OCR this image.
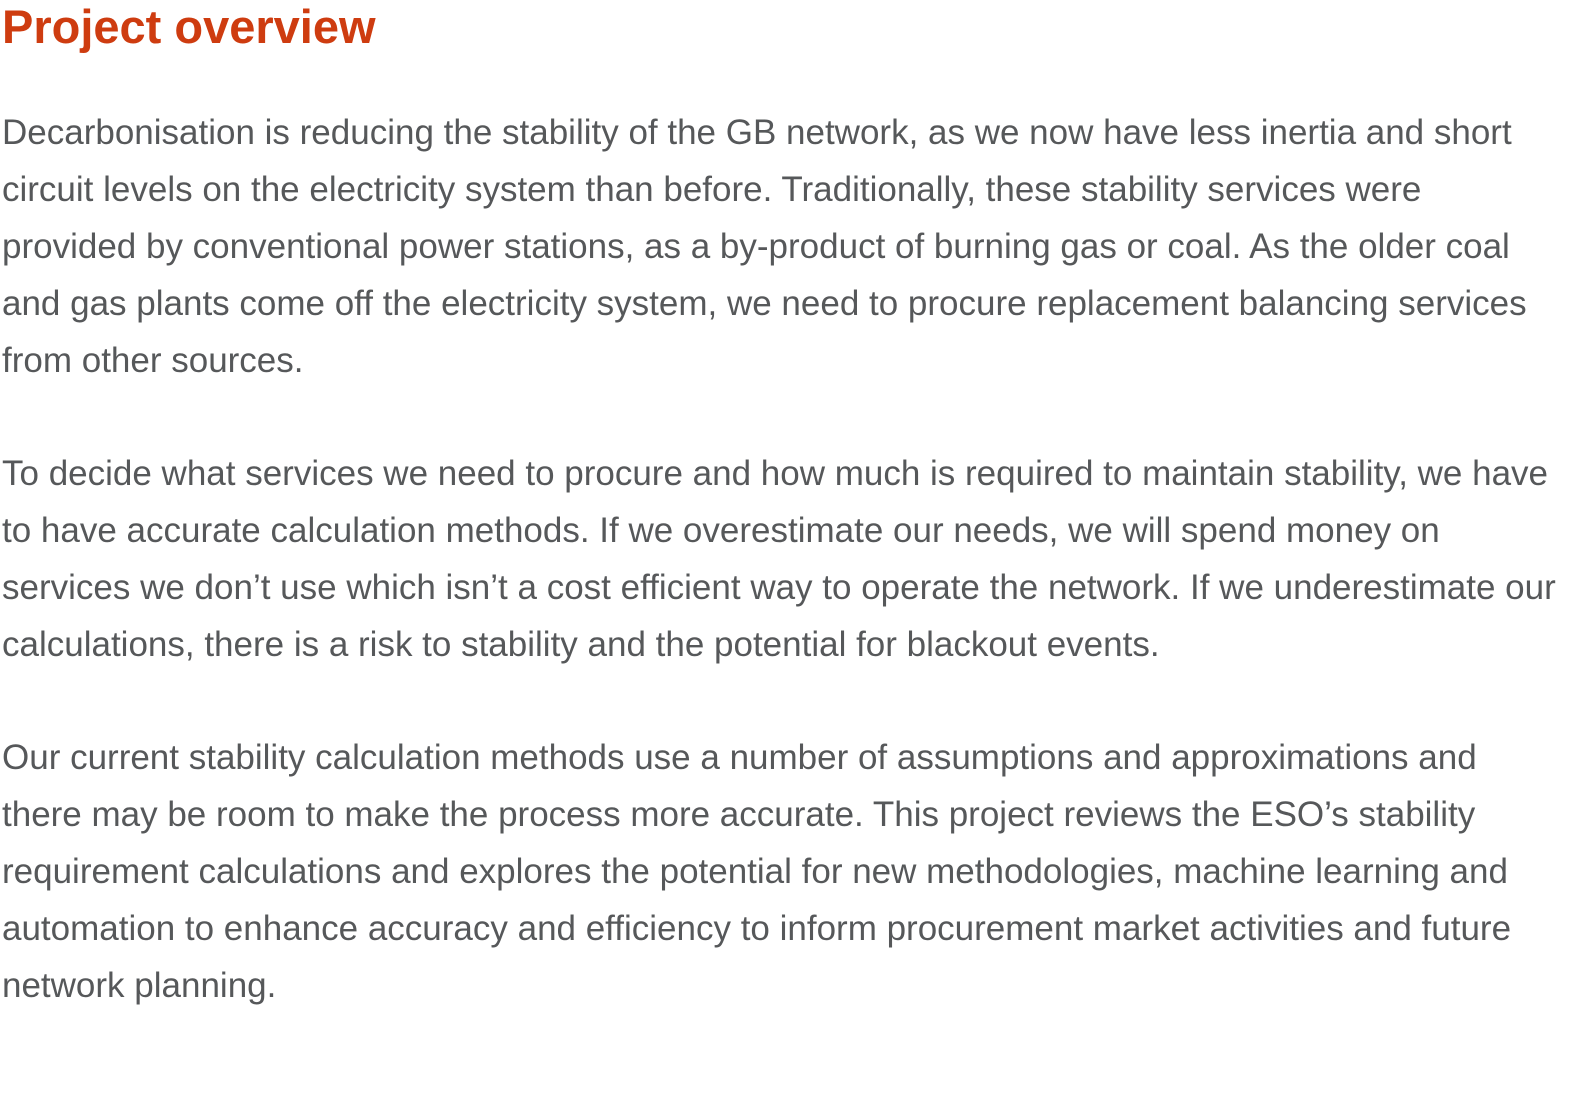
Project overview

Decarbonisation is reducing the stability of the GB network, as we now have less inertia and short circuit levels on the electricity system than before. Traditionally, these stability services were provided by conventional power stations, as a by-product of burning gas or coal. As the older coal and gas plants come off the electricity system, we need to procure replacement balancing services from other sources.

To decide what services we need to procure and how much is required to maintain stability, we have to have accurate calculation methods. If we overestimate our needs, we will spend money on services we don’t use which isn’t a cost efficient way to operate the network. If we underestimate our calculations, there is a risk to stability and the potential for blackout events.

Our current stability calculation methods use a number of assumptions and approximations and there may be room to make the process more accurate. This project reviews the ESO’s stability requirement calculations and explores the potential for new methodologies, machine learning and automation to enhance accuracy and efficiency to inform procurement market activities and future network planning.
